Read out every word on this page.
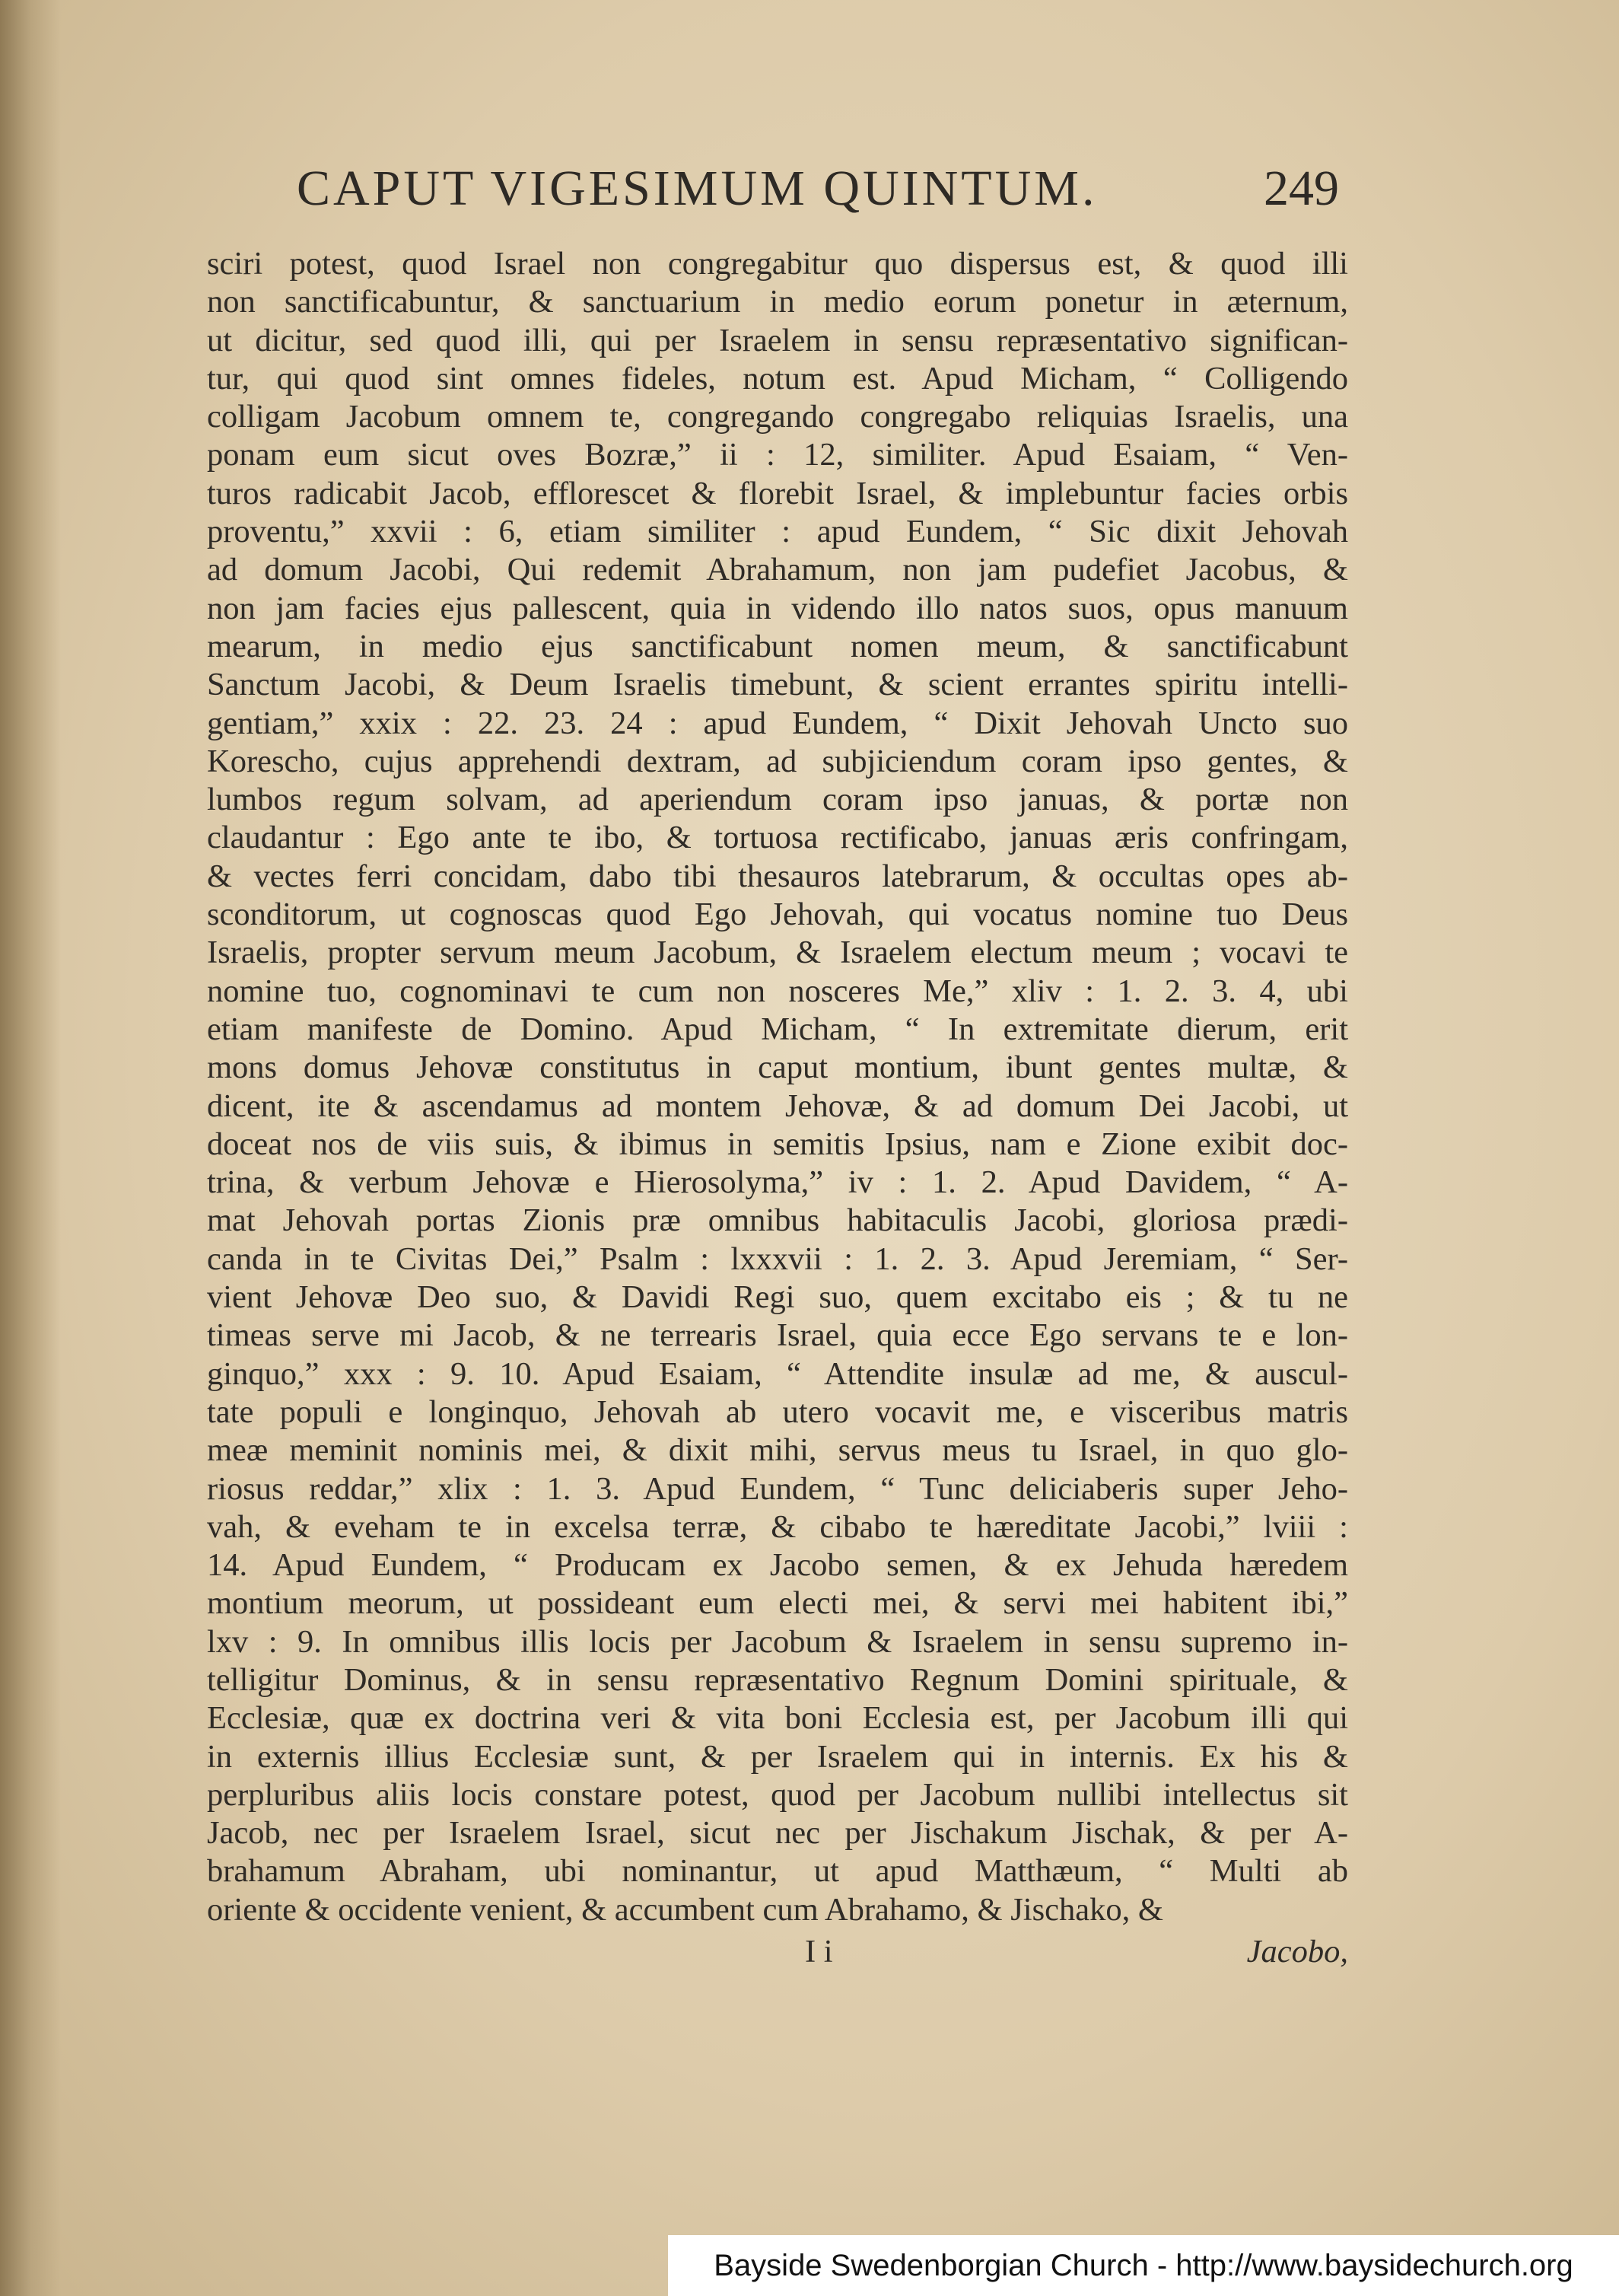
CAPUT VIGESIMUM QUINTUM.	249
sciri potest, quod Israel non congregabitur quo dispersus est, & quod illi
non sanctificabuntur, & sanctuarium in medio eorum ponetur in æternum,
ut dicitur, sed quod illi, qui per Israelem in sensu repræsentativo significan-
tur, qui quod sint omnes fideles, notum est. Apud Micham, “ Colligendo
colligam Jacobum omnem te, congregando congregabo reliquias Israelis, una
ponam eum sicut oves Bozræ,” ii : 12, similiter. Apud Esaiam, “ Ven-
turos radicabit Jacob, efflorescet & florebit Israel, & implebuntur facies orbis
proventu,” xxvii : 6, etiam similiter : apud Eundem, “ Sic dixit Jehovah
ad domum Jacobi, Qui redemit Abrahamum, non jam pudefiet Jacobus, &
non jam facies ejus pallescent, quia in videndo illo natos suos, opus manuum
mearum, in medio ejus sanctificabunt nomen meum, & sanctificabunt
Sanctum Jacobi, & Deum Israelis timebunt, & scient errantes spiritu intelli-
gentiam,” xxix : 22. 23. 24 : apud Eundem, “ Dixit Jehovah Uncto suo
Korescho, cujus apprehendi dextram, ad subjiciendum coram ipso gentes, &
lumbos regum solvam, ad aperiendum coram ipso januas, & portæ non
claudantur : Ego ante te ibo, & tortuosa rectificabo, januas æris confringam,
& vectes ferri concidam, dabo tibi thesauros latebrarum, & occultas opes ab-
sconditorum, ut cognoscas quod Ego Jehovah, qui vocatus nomine tuo Deus
Israelis, propter servum meum Jacobum, & Israelem electum meum ; vocavi te
nomine tuo, cognominavi te cum non nosceres Me,” xliv : 1. 2. 3. 4, ubi
etiam manifeste de Domino. Apud Micham, “ In extremitate dierum, erit
mons domus Jehovæ constitutus in caput montium, ibunt gentes multæ, &
dicent, ite & ascendamus ad montem Jehovæ, & ad domum Dei Jacobi, ut
doceat nos de viis suis, & ibimus in semitis Ipsius, nam e Zione exibit doc-
trina, & verbum Jehovæ e Hierosolyma,” iv : 1. 2. Apud Davidem, “ A-
mat Jehovah portas Zionis præ omnibus habitaculis Jacobi, gloriosa prædi-
canda in te Civitas Dei,” Psalm : lxxxvii : 1. 2. 3. Apud Jeremiam, “ Ser-
vient Jehovæ Deo suo, & Davidi Regi suo, quem excitabo eis ; & tu ne
timeas serve mi Jacob, & ne terrearis Israel, quia ecce Ego servans te e lon-
ginquo,” xxx : 9. 10. Apud Esaiam, “ Attendite insulæ ad me, & auscul-
tate populi e longinquo, Jehovah ab utero vocavit me, e visceribus matris
meæ meminit nominis mei, & dixit mihi, servus meus tu Israel, in quo glo-
riosus reddar,” xlix : 1. 3. Apud Eundem, “ Tunc deliciaberis super Jeho-
vah, & eveham te in excelsa terræ, & cibabo te hæreditate Jacobi,” lviii :
14. Apud Eundem, “ Producam ex Jacobo semen, & ex Jehuda hæredem
montium meorum, ut possideant eum electi mei, & servi mei habitent ibi,”
lxv : 9. In omnibus illis locis per Jacobum & Israelem in sensu supremo in-
telligitur Dominus, & in sensu repræsentativo Regnum Domini spirituale, &
Ecclesiæ, quæ ex doctrina veri & vita boni Ecclesia est, per Jacobum illi qui
in externis illius Ecclesiæ sunt, & per Israelem qui in internis. Ex his &
perpluribus aliis locis constare potest, quod per Jacobum nullibi intellectus sit
Jacob, nec per Israelem Israel, sicut nec per Jischakum Jischak, & per A-
brahamum Abraham, ubi nominantur, ut apud Matthæum, “ Multi ab
oriente & occidente venient, & accumbent cum Abrahamo, & Jischako, &
I i	Jacobo,
Bayside Swedenborgian Church - http://www.baysidechurch.org
